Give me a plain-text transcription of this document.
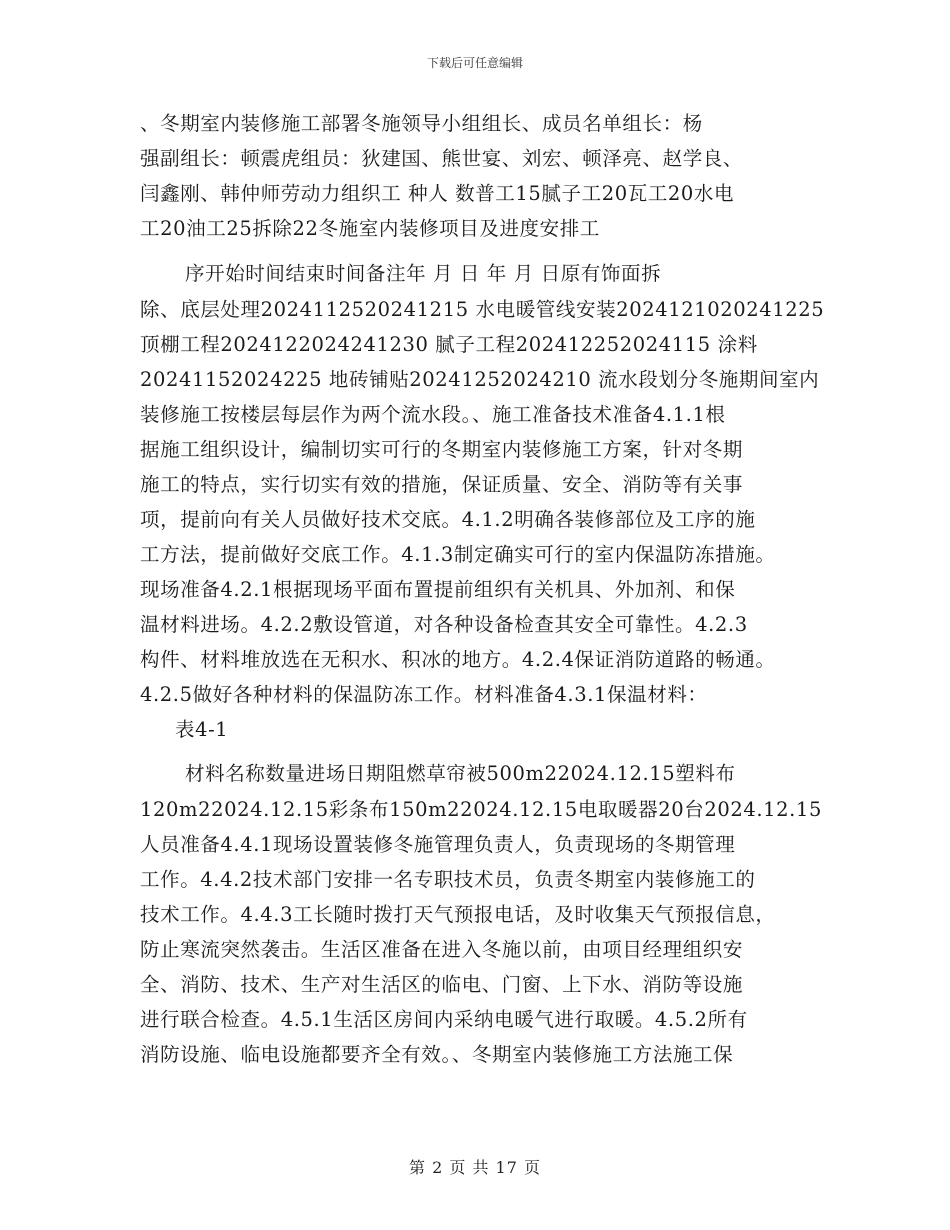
下载后可任意编辑
、冬期室内装修施工部署冬施领导小组组长、成员名单组长：杨
强副组长：顿震虎组员：狄建国、熊世宴、刘宏、顿泽亮、赵学良、
闫鑫刚、韩仲师劳动力组织工 种人 数普工15腻子工20瓦工20水电
工20油工25拆除22冬施室内装修项目及进度安排工
序开始时间结束时间备注年 月 日 年 月 日原有饰面拆
除、底层处理2024112520241215 水电暖管线安装2024121020241225
顶棚工程2024122024241230 腻子工程202412252024115 涂料
20241152024225 地砖铺贴20241252024210 流水段划分冬施期间室内
装修施工按楼层每层作为两个流水段。、施工准备技术准备4.1.1根
据施工组织设计，编制切实可行的冬期室内装修施工方案，针对冬期
施工的特点，实行切实有效的措施，保证质量、安全、消防等有关事
项，提前向有关人员做好技术交底。4.1.2明确各装修部位及工序的施
工方法，提前做好交底工作。4.1.3制定确实可行的室内保温防冻措施。
现场准备4.2.1根据现场平面布置提前组织有关机具、外加剂、和保
温材料进场。4.2.2敷设管道，对各种设备检查其安全可靠性。4.2.3
构件、材料堆放选在无积水、积冰的地方。4.2.4保证消防道路的畅通。
4.2.5做好各种材料的保温防冻工作。材料准备4.3.1保温材料：
表4-1
材料名称数量进场日期阻燃草帘被500m22024.12.15塑料布
120m22024.12.15彩条布150m22024.12.15电取暖器20台2024.12.15
人员准备4.4.1现场设置装修冬施管理负责人，负责现场的冬期管理
工作。4.4.2技术部门安排一名专职技术员，负责冬期室内装修施工的
技术工作。4.4.3工长随时拨打天气预报电话，及时收集天气预报信息，
防止寒流突然袭击。生活区准备在进入冬施以前，由项目经理组织安
全、消防、技术、生产对生活区的临电、门窗、上下水、消防等设施
进行联合检查。4.5.1生活区房间内采纳电暖气进行取暖。4.5.2所有
消防设施、临电设施都要齐全有效。、冬期室内装修施工方法施工保
第 2 页 共 17 页
